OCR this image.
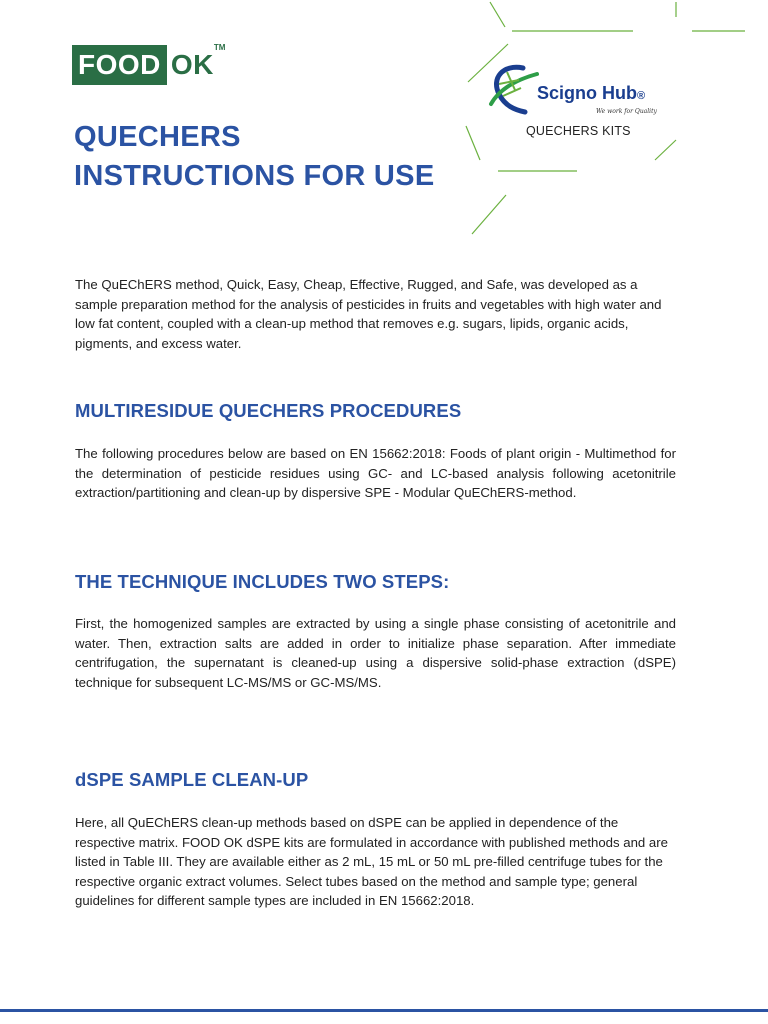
FOOD OK
TM
Scigno Hub®
We work for Quality
QUECHERS KITS
QUECHERS
INSTRUCTIONS FOR USE

The QuEChERS method, Quick, Easy, Cheap, Effective, Rugged, and Safe, was developed as a sample preparation method for the analysis of pesticides in fruits and vegetables with high water and low fat content, coupled with a clean-up method that removes e.g. sugars, lipids, organic acids, pigments, and excess water.

MULTIRESIDUE QUECHERS PROCEDURES

The following procedures below are based on EN 15662:2018: Foods of plant origin - Multimethod for the determination of pesticide residues using GC- and LC-based analysis following acetonitrile extraction/partitioning and clean-up by dispersive SPE - Modular QuEChERS-method.

THE TECHNIQUE INCLUDES TWO STEPS:

First, the homogenized samples are extracted by using a single phase consisting of acetonitrile and water. Then, extraction salts are added in order to initialize phase separation. After immediate centrifugation, the supernatant is cleaned-up using a dispersive solid-phase extraction (dSPE) technique for subsequent LC-MS/MS or GC-MS/MS.

dSPE SAMPLE CLEAN-UP

Here, all QuEChERS clean-up methods based on dSPE can be applied in dependence of the respective matrix. FOOD OK dSPE kits are formulated in accordance with published methods and are listed in Table III. They are available either as 2 mL, 15 mL or 50 mL pre-filled centrifuge tubes for the respective organic extract volumes. Select tubes based on the method and sample type; general guidelines for different sample types are included in EN 15662:2018.
